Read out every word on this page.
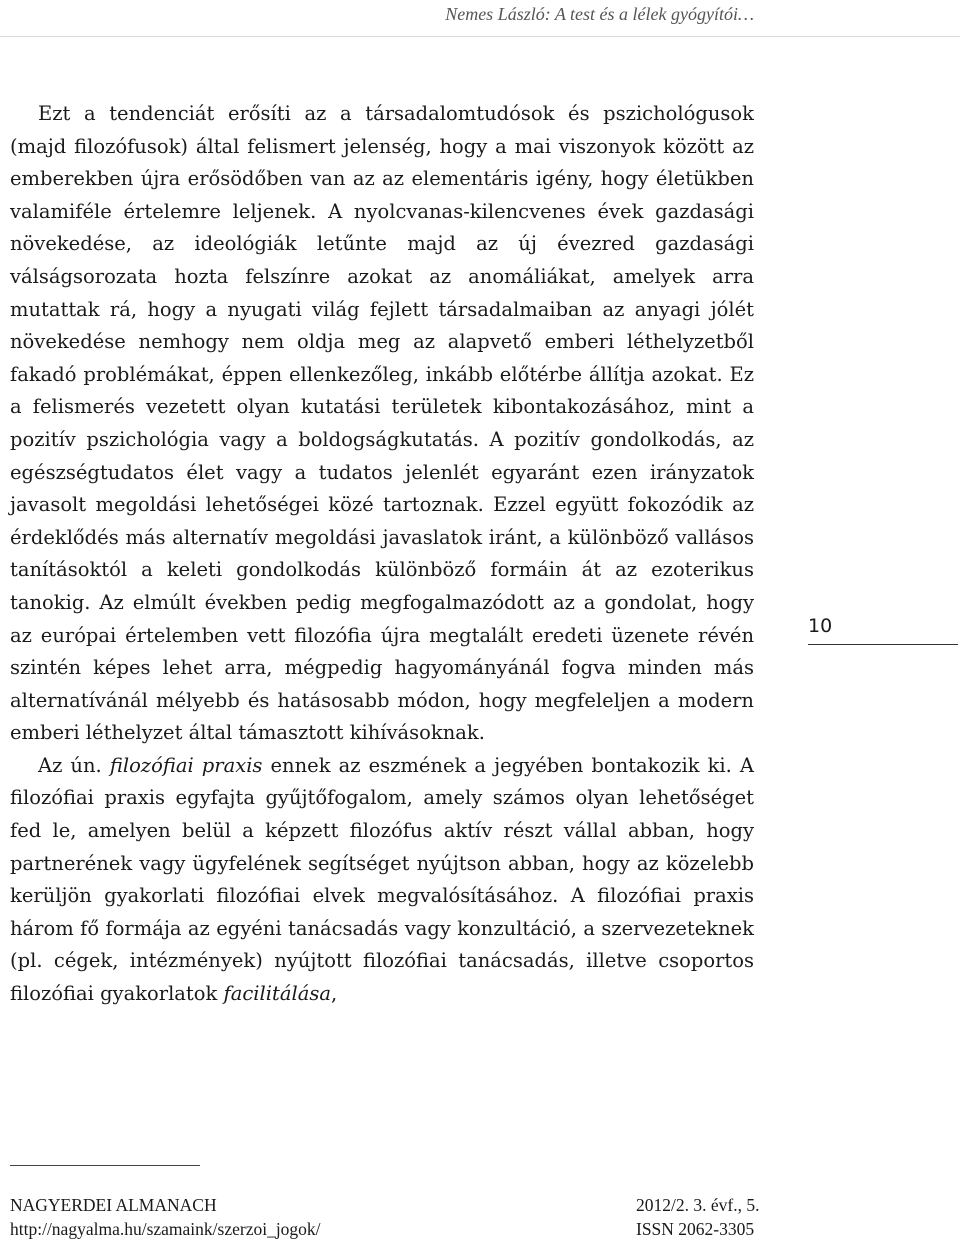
Nemes László: A test és a lélek gyógyítói…

Ezt a tendenciát erősíti az a társadalomtudósok és pszichológusok (majd filozófusok) által felismert jelenség, hogy a mai viszonyok között az emberekben újra erősödőben van az az elementáris igény, hogy életükben valamiféle értelemre leljenek. A nyolcvanas-kilencvenes évek gazdasági növekedése, az ideológiák letűnte majd az új évezred gazdasági válságsorozata hozta felszínre azokat az anomáliákat, amelyek arra mutattak rá, hogy a nyugati világ fejlett társadalmaiban az anyagi jólét növekedése nemhogy nem oldja meg az alapvető emberi léthelyzetből fakadó problémákat, éppen ellenkezőleg, inkább előtérbe állítja azokat. Ez a felismerés vezetett olyan kutatási területek kibontakozásához, mint a pozitív pszichológia vagy a boldogságkutatás. A pozitív gondolkodás, az egészségtudatos élet vagy a tudatos jelenlét egyaránt ezen irányzatok javasolt megoldási lehetőségei közé tartoznak. Ezzel együtt fokozódik az érdeklődés más alternatív megoldási javaslatok iránt, a különböző vallásos tanításoktól a keleti gondolkodás különböző formáin át az ezoterikus tanokig. Az elmúlt években pedig megfogalmazódott az a gondolat, hogy az európai értelemben vett filozófia újra megtalált eredeti üzenete révén szintén képes lehet arra, mégpedig hagyományánál fogva minden más alternatívánál mélyebb és hatásosabb módon, hogy megfeleljen a modern emberi léthelyzet által támasztott kihívásoknak.

Az ún. filozófiai praxis ennek az eszmének a jegyében bontakozik ki. A filozófiai praxis egyfajta gyűjtőfogalom, amely számos olyan lehetőséget fed le, amelyen belül a képzett filozófus aktív részt vállal abban, hogy partnerének vagy ügyfelének segítséget nyújtson abban, hogy az közelebb kerüljön gyakorlati filozófiai elvek megvalósításához. A filozófiai praxis három fő formája az egyéni tanácsadás vagy konzultáció, a szervezeteknek (pl. cégek, intézmények) nyújtott filozófiai tanácsadás, illetve csoportos filozófiai gyakorlatok facilitálása,

10
NAGYERDEI ALMANACH
http://nagyalma.hu/szamaink/szerzoi_jogok/
2012/2. 3. évf., 5.
ISSN 2062-3305
